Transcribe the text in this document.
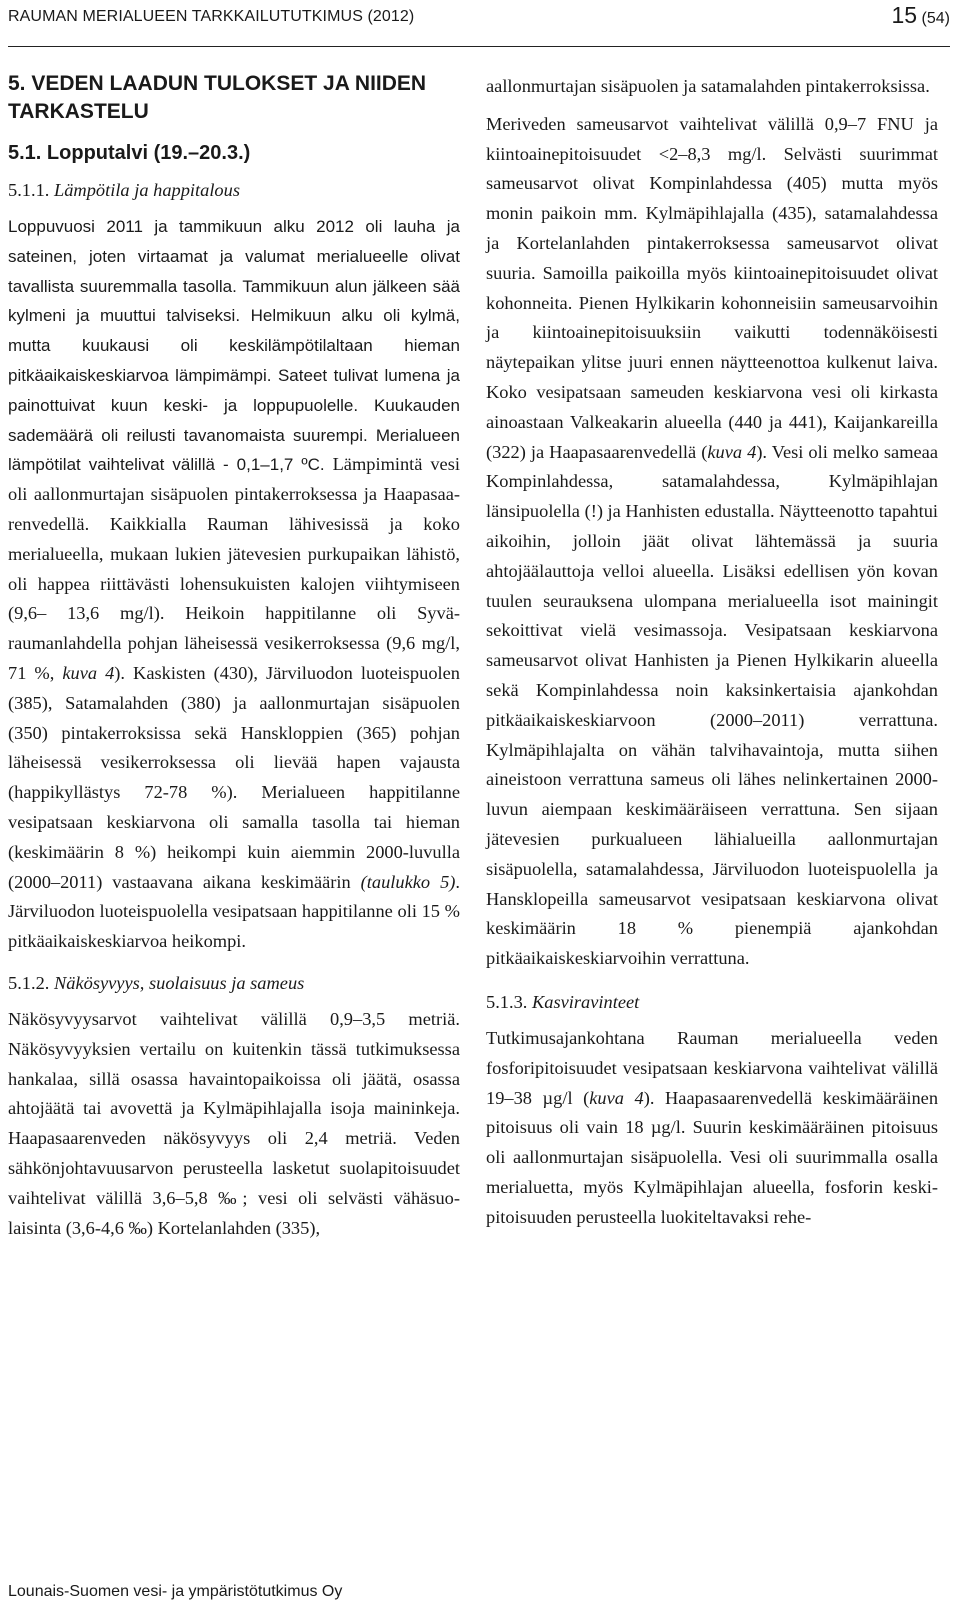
RAUMAN MERIALUEEN TARKKAILUTUTKIMUS (2012)	15 (54)
5. VEDEN LAADUN TULOKSET JA NIIDEN TARKASTELU
5.1. Lopputalvi (19.–20.3.)
5.1.1. Lämpötila ja happitalous

Loppuvuosi 2011 ja tammikuun alku 2012 oli lauha ja sateinen, joten virtaamat ja valumat merialueelle olivat tavallista suuremmalla tasolla. Tammikuun alun jälkeen sää kylmeni ja muuttui talviseksi. Helmikuun alku oli kylmä, mutta kuukausi oli keskilämpötilaltaan hieman pitkäaikaiskeskiarvoa lämpimämpi. Sateet tulivat lumena ja painottuivat kuun keski- ja loppupuolelle. Kuukauden sademäärä oli reilusti tavanomaista suurempi. Merialueen lämpötilat vaihtelivat välillä - 0,1–1,7 ºC. Lämpimintä vesi oli aallonmurtajan sisäpuolen pintakerroksessa ja Haapasaarenvedellä. Kaikkialla Rauman lähivesissä ja koko merialueella, mukaan lukien jätevesien purkupaikan lähistö, oli happea riittävästi lohensukuisten kalojen viihtymiseen (9,6– 13,6 mg/l). Heikoin happitilanne oli Syväraumanlahdella pohjan läheisessä vesikerroksessa (9,6 mg/l, 71 %, kuva 4). Kaskisten (430), Järviluodon luoteispuolen (385), Satamalahden (380) ja aallonmurtajan sisäpuolen (350) pintakerroksissa sekä Hanskloppien (365) pohjan läheisessä vesikerroksessa oli lievää hapen vajausta (happikyllästys 72-78 %). Merialueen happitilanne vesipatsaan keskiarvona oli samalla tasolla tai hieman (keskimäärin 8 %) heikompi kuin aiemmin 2000-luvulla (2000–2011) vastaavana aikana keskimäärin (taulukko 5). Järviluodon luoteispuolella vesipatsaan happitilanne oli 15 % pitkäaikaiskeskiarvoa heikompi.

5.1.2. Näkösyvyys, suolaisuus ja sameus

Näkösyvyysarvot vaihtelivat välillä 0,9–3,5 metriä. Näkösyvyyksien vertailu on kuitenkin tässä tutkimuksessa hankalaa, sillä osassa havaintopaikoissa oli jäätä, osassa ahtojäätä tai avovettä ja Kylmäpihlajalla isoja maininkeja. Haapasaarenveden näkösyvyys oli 2,4 metriä. Veden sähkönjohtavuusarvon perusteella lasketut suolapitoisuudet vaihtelivat välillä 3,6–5,8 ‰; vesi oli selvästi vähäsuolaisinta (3,6-4,6 ‰) Kortelanlahden (335),

aallonmurtajan sisäpuolen ja satamalahden pintakerroksissa.

Meriveden sameusarvot vaihtelivat välillä 0,9–7 FNU ja kiintoainepitoisuudet <2–8,3 mg/l. Selvästi suurimmat sameusarvot olivat Kompinlahdessa (405) mutta myös monin paikoin mm. Kylmäpihlajalla (435), satamalahdessa ja Kortelanlahden pintakerroksessa sameusarvot olivat suuria. Samoilla paikoilla myös kiintoainepitoisuudet olivat kohonneita. Pienen Hylkikarin kohonneisiin sameusarvoihin ja kiintoainepitoisuuksiin vaikutti todennäköisesti näytepaikan ylitse juuri ennen näytteenottoa kulkenut laiva. Koko vesipatsaan sameuden keskiarvona vesi oli kirkasta ainoastaan Valkeakarin alueella (440 ja 441), Kaijankareilla (322) ja Haapasaarenvedellä (kuva 4). Vesi oli melko sameaa Kompinlahdessa, satamalahdessa, Kylmäpihlajan länsipuolella (!) ja Hanhisten edustalla. Näytteenotto tapahtui aikoihin, jolloin jäät olivat lähtemässä ja suuria ahtojäälauttoja velloi alueella. Lisäksi edellisen yön kovan tuulen seurauksena ulompana merialueella isot mainingit sekoittivat vielä vesimassoja. Vesipatsaan keskiarvona sameusarvot olivat Hanhisten ja Pienen Hylkikarin alueella sekä Kompinlahdessa noin kaksinkertaisia ajankohdan pitkäaikaiskeskiarvoon (2000–2011) verrattuna. Kylmäpihlajalta on vähän talvihavaintoja, mutta siihen aineistoon verrattuna sameus oli lähes nelinkertainen 2000-luvun aiempaan keskimääräiseen verrattuna. Sen sijaan jätevesien purkualueen lähialueilla aallonmurtajan sisäpuolella, satamalahdessa, Järviluodon luoteispuolella ja Hansklopeilla sameusarvot vesipatsaan keskiarvona olivat keskimäärin 18 % pienempiä ajankohdan pitkäaikaiskeskiarvoihin verrattuna.

5.1.3. Kasviravinteet

Tutkimusajankohtana Rauman merialueella veden fosforipitoisuudet vesipatsaan keskiarvona vaihtelivat välillä 19–38 µg/l (kuva 4). Haapasaarenvedellä keskimääräinen pitoisuus oli vain 18 µg/l. Suurin keskimääräinen pitoisuus oli aallonmurtajan sisäpuolella. Vesi oli suurimmalla osalla merialuetta, myös Kylmäpihlajan alueella, fosforin keskipitoisuuden perusteella luokiteltavaksi rehe-

Lounais-Suomen vesi- ja ympäristötutkimus Oy
